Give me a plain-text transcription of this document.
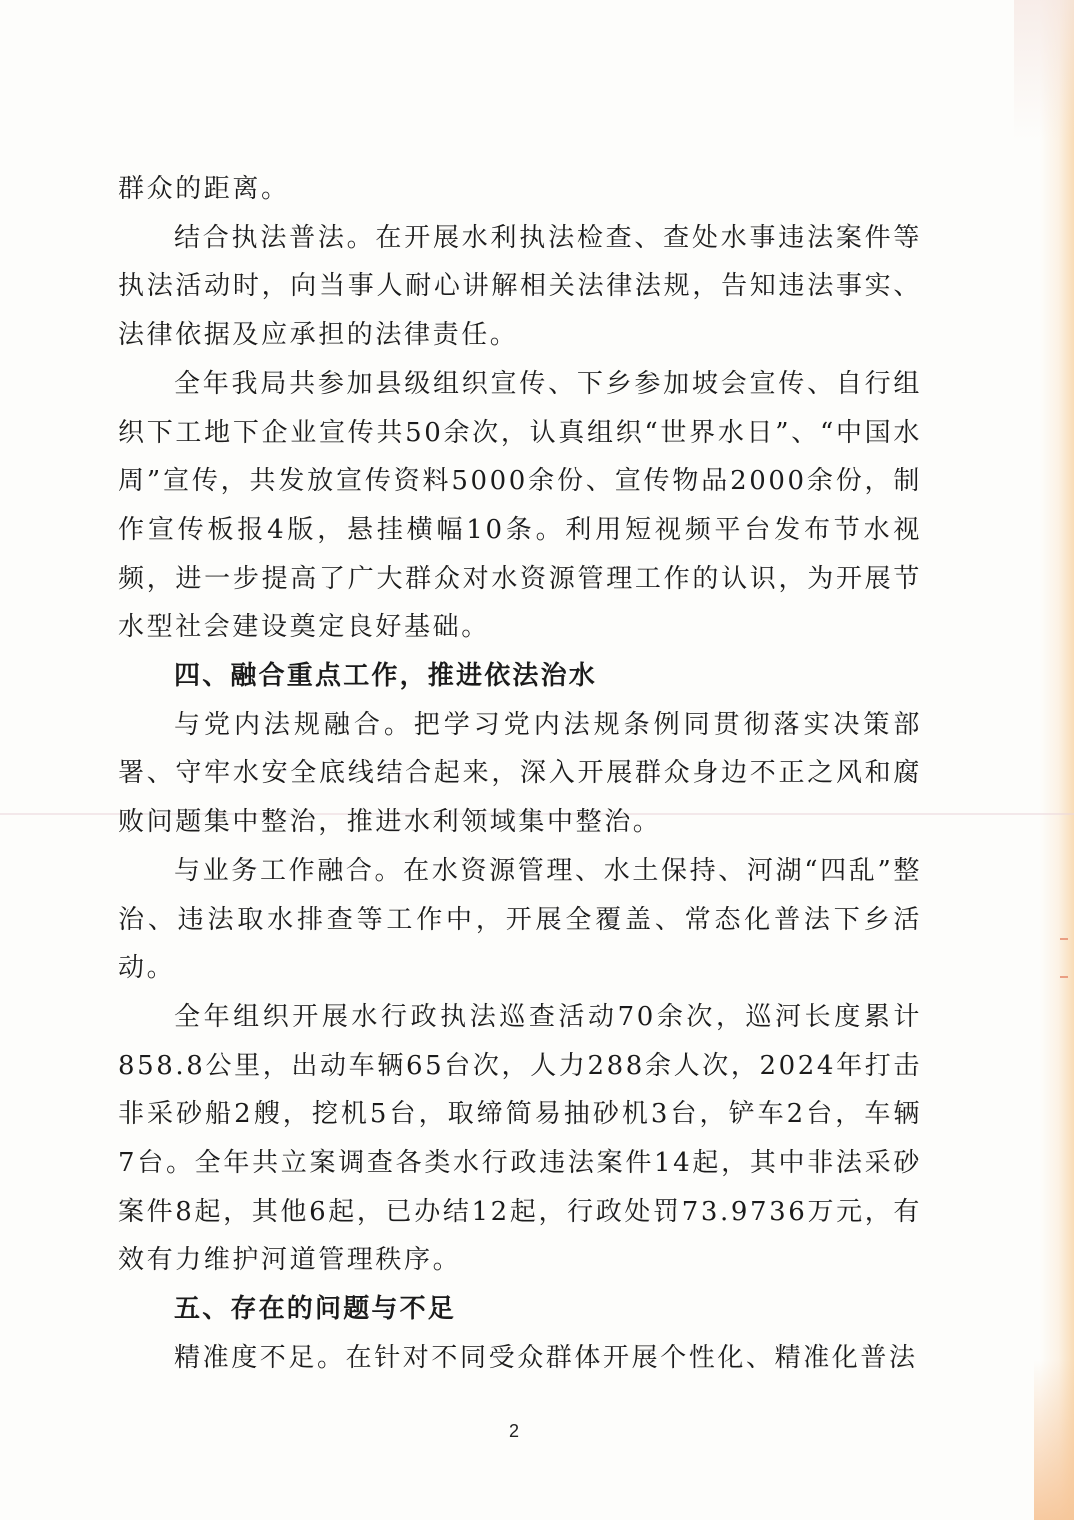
群众的距离。

结合执法普法。在开展水利执法检查、查处水事违法案件等执法活动时，向当事人耐心讲解相关法律法规，告知违法事实、法律依据及应承担的法律责任。

全年我局共参加县级组织宣传、下乡参加坡会宣传、自行组织下工地下企业宣传共50余次，认真组织“世界水日”、“中国水周”宣传，共发放宣传资料5000余份、宣传物品2000余份，制作宣传板报4版，悬挂横幅10条。利用短视频平台发布节水视频，进一步提高了广大群众对水资源管理工作的认识，为开展节水型社会建设奠定良好基础。

四、融合重点工作，推进依法治水

与党内法规融合。把学习党内法规条例同贯彻落实决策部署、守牢水安全底线结合起来，深入开展群众身边不正之风和腐败问题集中整治，推进水利领域集中整治。

与业务工作融合。在水资源管理、水土保持、河湖“四乱”整治、违法取水排查等工作中，开展全覆盖、常态化普法下乡活动。

全年组织开展水行政执法巡查活动70余次，巡河长度累计858.8公里，出动车辆65台次，人力288余人次，2024年打击非采砂船2艘，挖机5台，取缔简易抽砂机3台，铲车2台，车辆7台。全年共立案调查各类水行政违法案件14起，其中非法采砂案件8起，其他6起，已办结12起，行政处罚73.9736万元，有效有力维护河道管理秩序。

五、存在的问题与不足

精准度不足。在针对不同受众群体开展个性化、精准化普法

2
